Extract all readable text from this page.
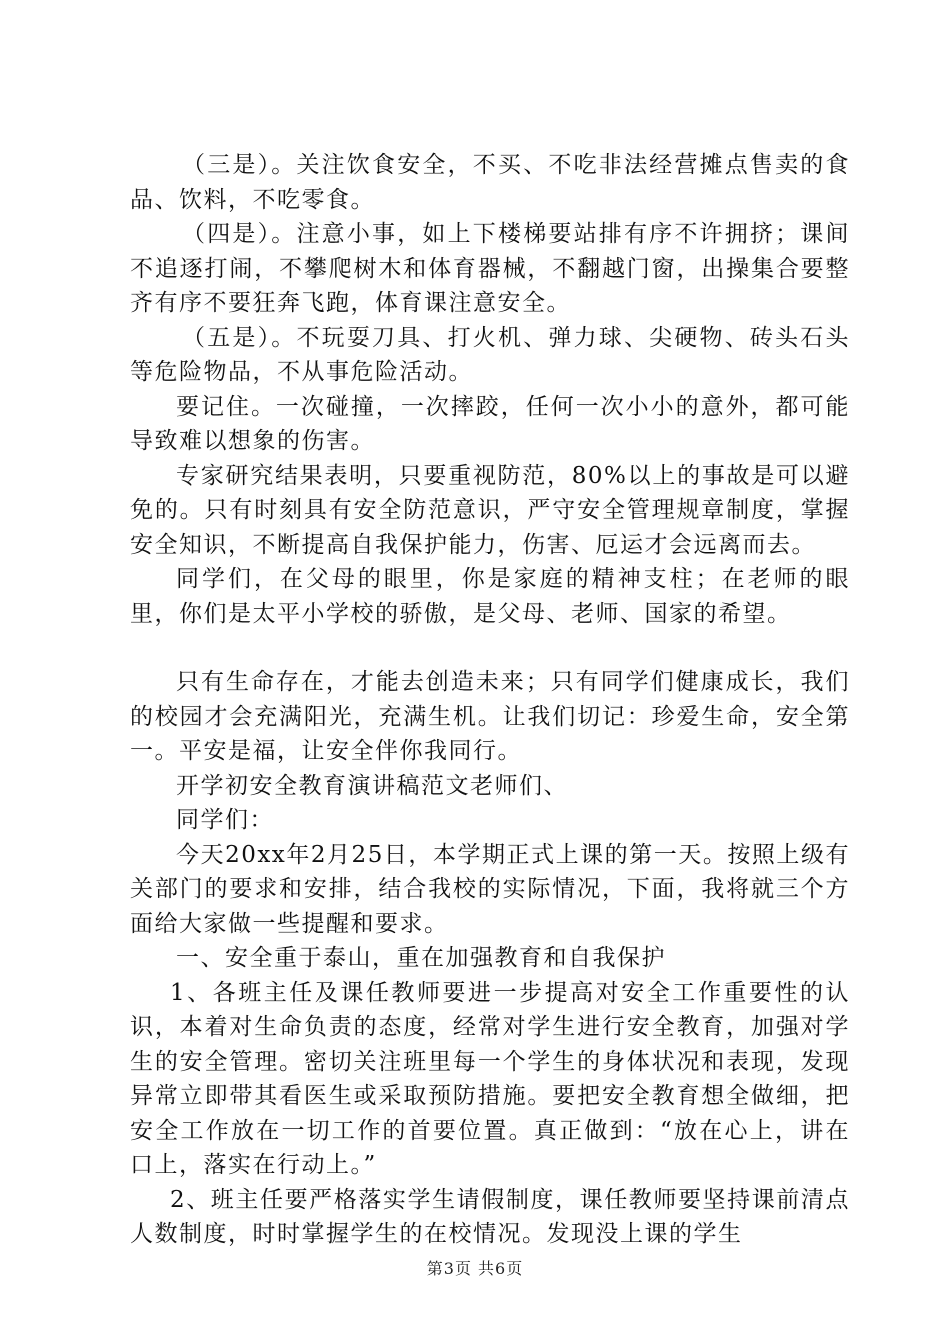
（三是）。关注饮食安全，不买、不吃非法经营摊点售卖的食品、饮料，不吃零食。

（四是）。注意小事，如上下楼梯要站排有序不许拥挤；课间不追逐打闹，不攀爬树木和体育器械，不翻越门窗，出操集合要整齐有序不要狂奔飞跑，体育课注意安全。

（五是）。不玩耍刀具、打火机、弹力球、尖硬物、砖头石头等危险物品，不从事危险活动。

要记住。一次碰撞，一次摔跤，任何一次小小的意外，都可能导致难以想象的伤害。

专家研究结果表明，只要重视防范，80%以上的事故是可以避免的。只有时刻具有安全防范意识，严守安全管理规章制度，掌握安全知识，不断提高自我保护能力，伤害、厄运才会远离而去。

同学们，在父母的眼里，你是家庭的精神支柱；在老师的眼里，你们是太平小学校的骄傲，是父母、老师、国家的希望。

只有生命存在，才能去创造未来；只有同学们健康成长，我们的校园才会充满阳光，充满生机。让我们切记：珍爱生命，安全第一。平安是福，让安全伴你我同行。

开学初安全教育演讲稿范文老师们、

同学们：

今天20xx年2月25日，本学期正式上课的第一天。按照上级有关部门的要求和安排，结合我校的实际情况，下面，我将就三个方面给大家做一些提醒和要求。

一、安全重于泰山，重在加强教育和自我保护

1、各班主任及课任教师要进一步提高对安全工作重要性的认识，本着对生命负责的态度，经常对学生进行安全教育，加强对学生的安全管理。密切关注班里每一个学生的身体状况和表现，发现异常立即带其看医生或采取预防措施。要把安全教育想全做细，把安全工作放在一切工作的首要位置。真正做到：“放在心上，讲在口上，落实在行动上。”

2、班主任要严格落实学生请假制度，课任教师要坚持课前清点人数制度，时时掌握学生的在校情况。发现没上课的学生

第3页 共6页
